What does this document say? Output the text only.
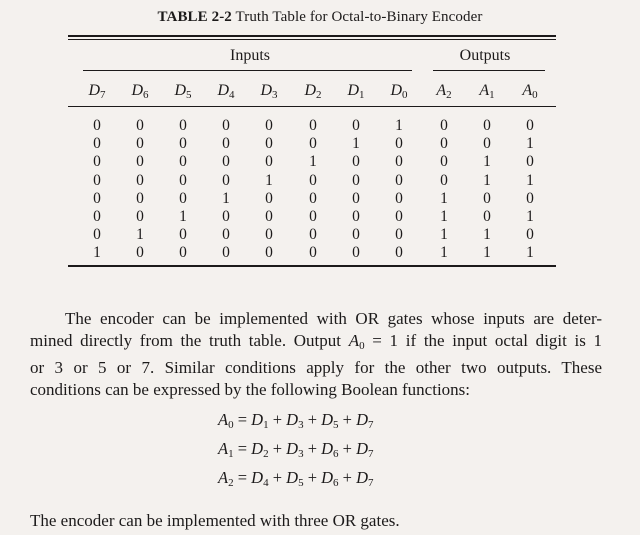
TABLE 2-2 Truth Table for Octal-to-Binary Encoder
Inputs	Outputs
$D_7$	$D_6$	$D_5$	$D_4$	$D_3$	$D_2$	$D_1$	$D_0$	$A_2$	$A_1$	$A_0$
0	0	0	0	0	0	0	1	0	0	0
0	0	0	0	0	0	1	0	0	0	1
0	0	0	0	0	1	0	0	0	1	0
0	0	0	0	1	0	0	0	0	1	1
0	0	0	1	0	0	0	0	1	0	0
0	0	1	0	0	0	0	0	1	0	1
0	1	0	0	0	0	0	0	1	1	0
1	0	0	0	0	0	0	0	1	1	1
The encoder can be implemented with OR gates whose inputs are deter-
mined directly from the truth table. Output $A_0 = 1$ if the input octal digit is 1
or 3 or 5 or 7. Similar conditions apply for the other two outputs. These
conditions can be expressed by the following Boolean functions:
$A_0 = D_1 + D_3 + D_5 + D_7$
$A_1 = D_2 + D_3 + D_6 + D_7$
$A_2 = D_4 + D_5 + D_6 + D_7$
The encoder can be implemented with three OR gates.
